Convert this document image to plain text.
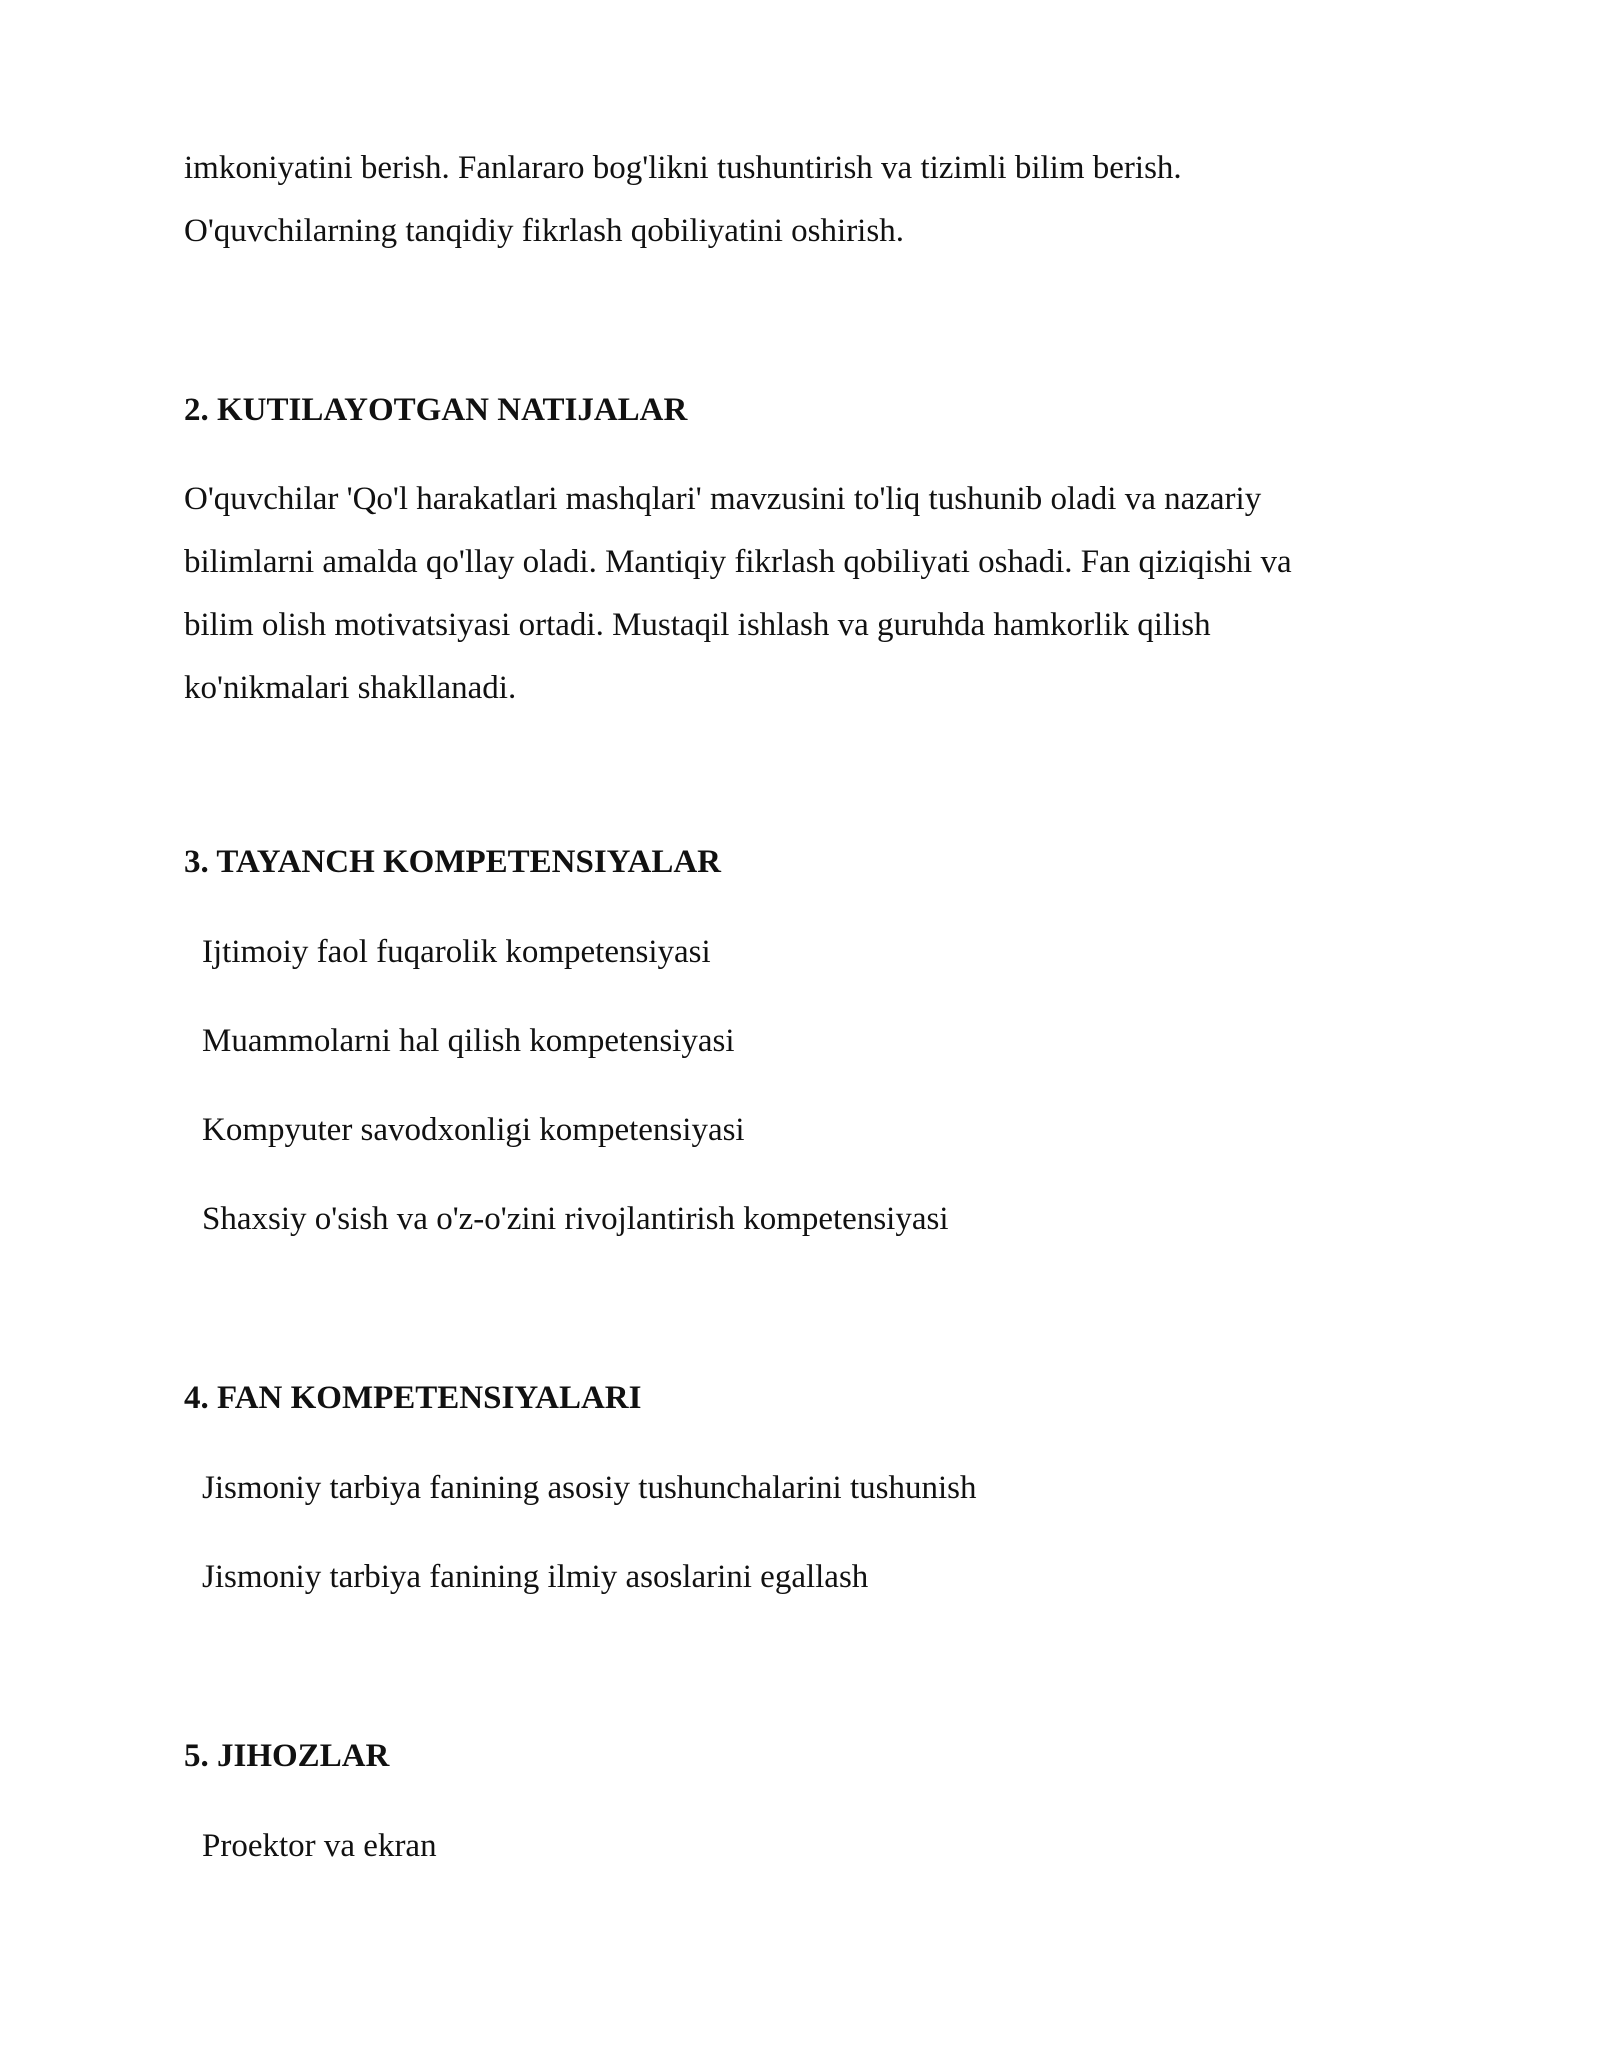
imkoniyatini berish. Fanlararo bog'likni tushuntirish va tizimli bilim berish.
O'quvchilarning tanqidiy fikrlash qobiliyatini oshirish.
2. KUTILAYOTGAN NATIJALAR
O'quvchilar 'Qo'l harakatlari mashqlari' mavzusini to'liq tushunib oladi va nazariy
bilimlarni amalda qo'llay oladi. Mantiqiy fikrlash qobiliyati oshadi. Fan qiziqishi va
bilim olish motivatsiyasi ortadi. Mustaqil ishlash va guruhda hamkorlik qilish
ko'nikmalari shakllanadi.
3. TAYANCH KOMPETENSIYALAR

Ijtimoiy faol fuqarolik kompetensiyasi

Muammolarni hal qilish kompetensiyasi

Kompyuter savodxonligi kompetensiyasi

Shaxsiy o'sish va o'z-o'zini rivojlantirish kompetensiyasi

4. FAN KOMPETENSIYALARI

Jismoniy tarbiya fanining asosiy tushunchalarini tushunish

Jismoniy tarbiya fanining ilmiy asoslarini egallash

5. JIHOZLAR

Proektor va ekran
